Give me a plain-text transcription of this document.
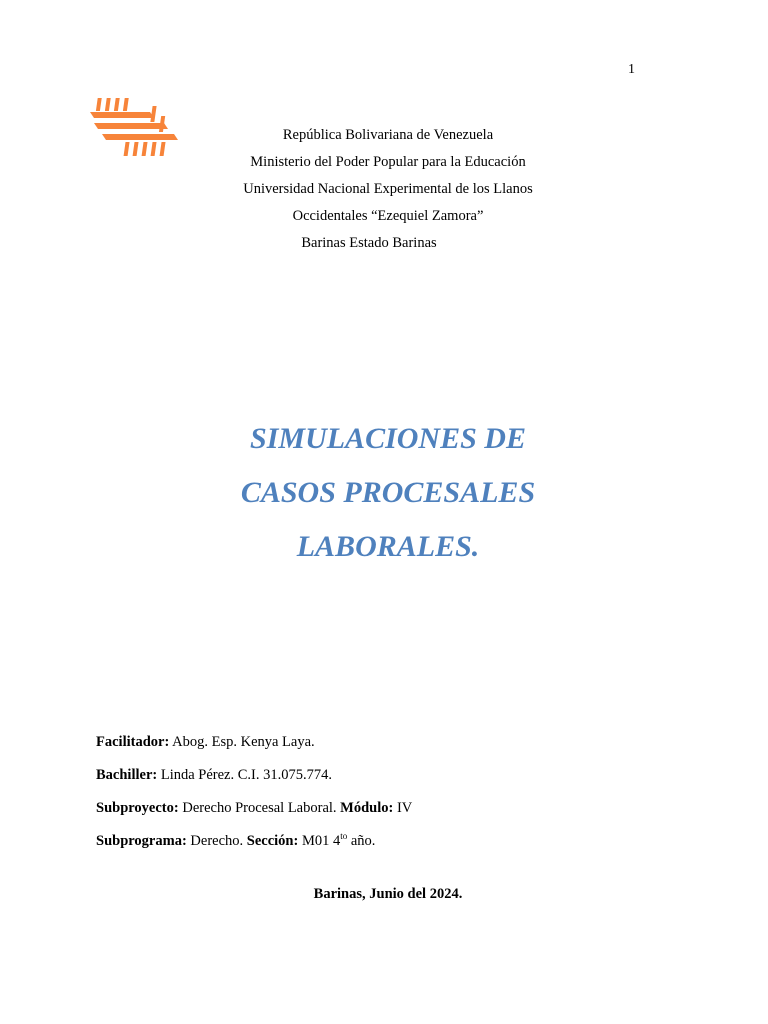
1
República Bolivariana de Venezuela
Ministerio del Poder Popular para la Educación
Universidad Nacional Experimental de los Llanos
Occidentales “Ezequiel Zamora”
Barinas Estado Barinas
SIMULACIONES DE
CASOS PROCESALES
LABORALES.
Facilitador: Abog. Esp. Kenya Laya.
Bachiller: Linda Pérez. C.I. 31.075.774.
Subproyecto: Derecho Procesal Laboral. Módulo: IV
Subprograma: Derecho. Sección: M01 $4^{to}$ año.
Barinas, Junio del 2024.
